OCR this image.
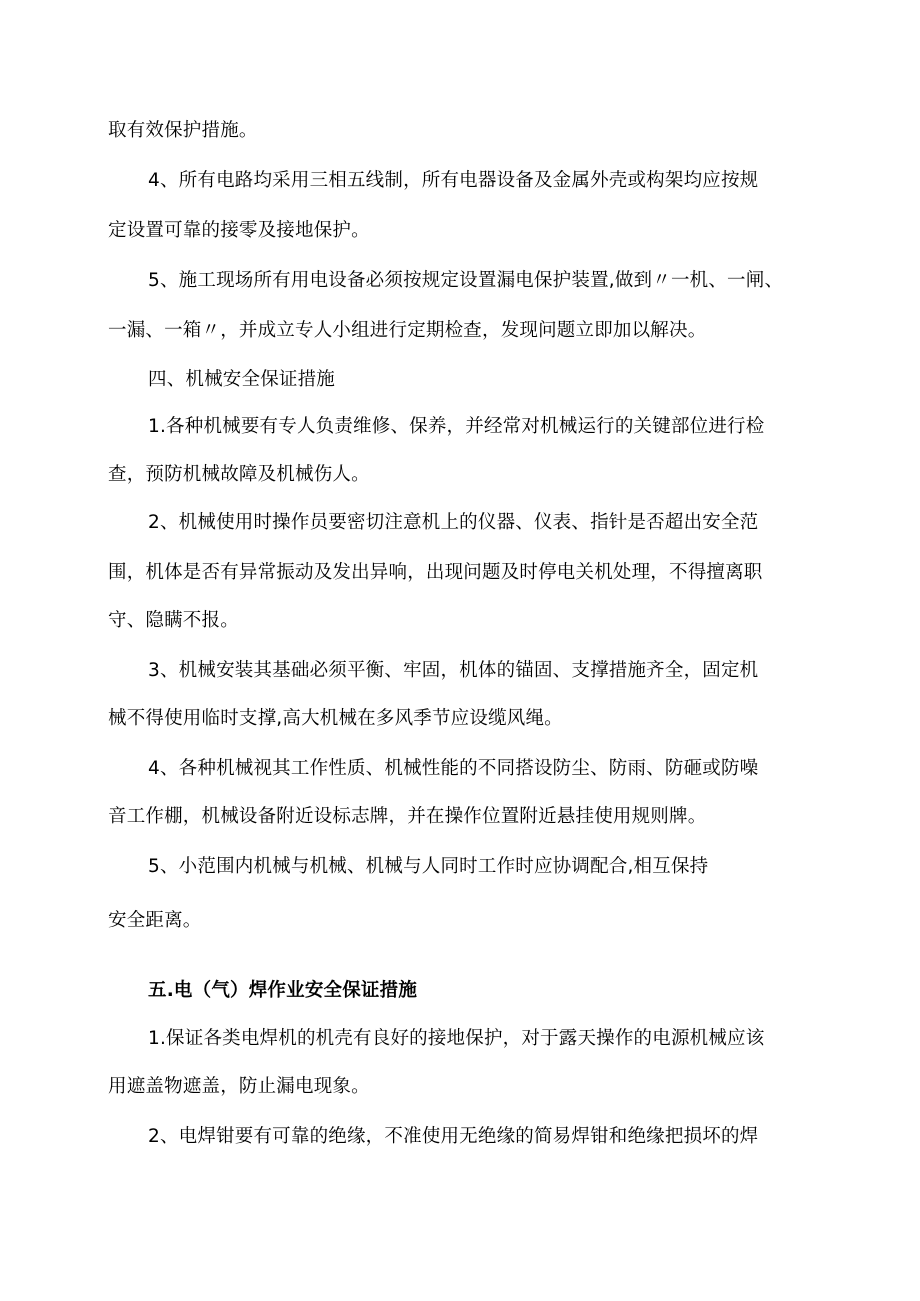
取有效保护措施。
4、所有电路均采用三相五线制，所有电器设备及金属外壳或构架均应按规
定设置可靠的接零及接地保护。
5、施工现场所有用电设备必须按规定设置漏电保护装置,做到〃一机、一闸、
一漏、一箱〃，并成立专人小组进行定期检查，发现问题立即加以解决。
四、机械安全保证措施
1.各种机械要有专人负责维修、保养，并经常对机械运行的关键部位进行检
查，预防机械故障及机械伤人。
2、机械使用时操作员要密切注意机上的仪器、仪表、指针是否超出安全范
围，机体是否有异常振动及发出异响，出现问题及时停电关机处理，不得擅离职
守、隐瞒不报。
3、机械安装其基础必须平衡、牢固，机体的锚固、支撑措施齐全，固定机
械不得使用临时支撑,高大机械在多风季节应设缆风绳。
4、各种机械视其工作性质、机械性能的不同搭设防尘、防雨、防砸或防噪
音工作棚，机械设备附近设标志牌，并在操作位置附近悬挂使用规则牌。
5、小范围内机械与机械、机械与人同时工作时应协调配合,相互保持
安全距离。
五.电（气）焊作业安全保证措施
1.保证各类电焊机的机壳有良好的接地保护，对于露天操作的电源机械应该
用遮盖物遮盖，防止漏电现象。
2、电焊钳要有可靠的绝缘，不准使用无绝缘的简易焊钳和绝缘把损坏的焊
